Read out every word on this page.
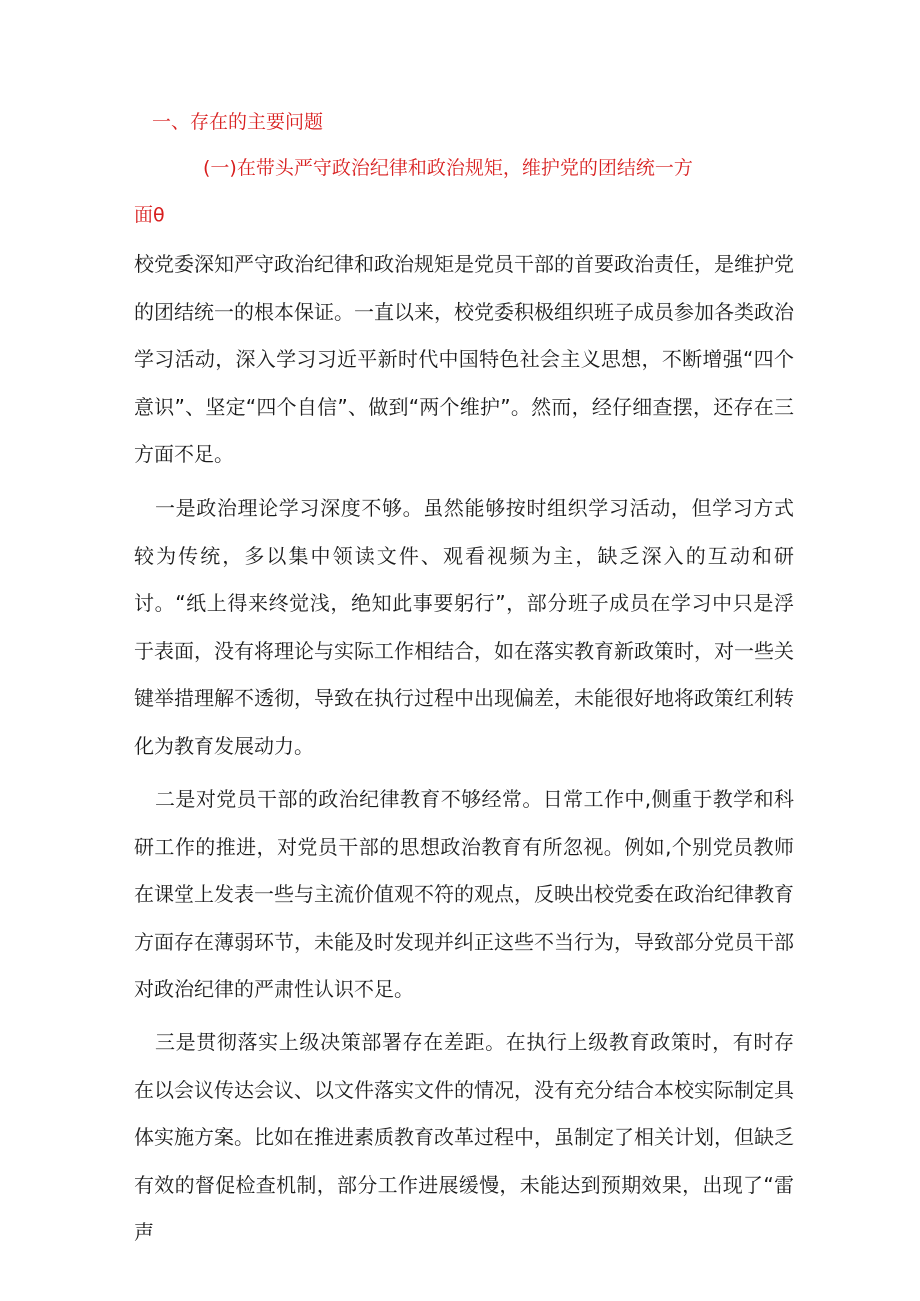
一、存在的主要问题
(一)在带头严守政治纪律和政治规矩，维护党的团结统一方
面θ

校党委深知严守政治纪律和政治规矩是党员干部的首要政治责任，是维护党的团结统一的根本保证。一直以来，校党委积极组织班子成员参加各类政治学习活动，深入学习习近平新时代中国特色社会主义思想，不断增强“四个意识”、坚定“四个自信”、做到“两个维护”。然而，经仔细查摆，还存在三方面不足。

一是政治理论学习深度不够。虽然能够按时组织学习活动，但学习方式较为传统，多以集中领读文件、观看视频为主，缺乏深入的互动和研讨。“纸上得来终觉浅，绝知此事要躬行”，部分班子成员在学习中只是浮于表面，没有将理论与实际工作相结合，如在落实教育新政策时，对一些关键举措理解不透彻，导致在执行过程中出现偏差，未能很好地将政策红利转化为教育发展动力。

二是对党员干部的政治纪律教育不够经常。日常工作中,侧重于教学和科研工作的推进，对党员干部的思想政治教育有所忽视。例如,个别党员教师在课堂上发表一些与主流价值观不符的观点，反映出校党委在政治纪律教育方面存在薄弱环节，未能及时发现并纠正这些不当行为，导致部分党员干部对政治纪律的严肃性认识不足。

三是贯彻落实上级决策部署存在差距。在执行上级教育政策时，有时存在以会议传达会议、以文件落实文件的情况，没有充分结合本校实际制定具体实施方案。比如在推进素质教育改革过程中，虽制定了相关计划，但缺乏有效的督促检查机制，部分工作进展缓慢，未能达到预期效果，出现了“雷声
